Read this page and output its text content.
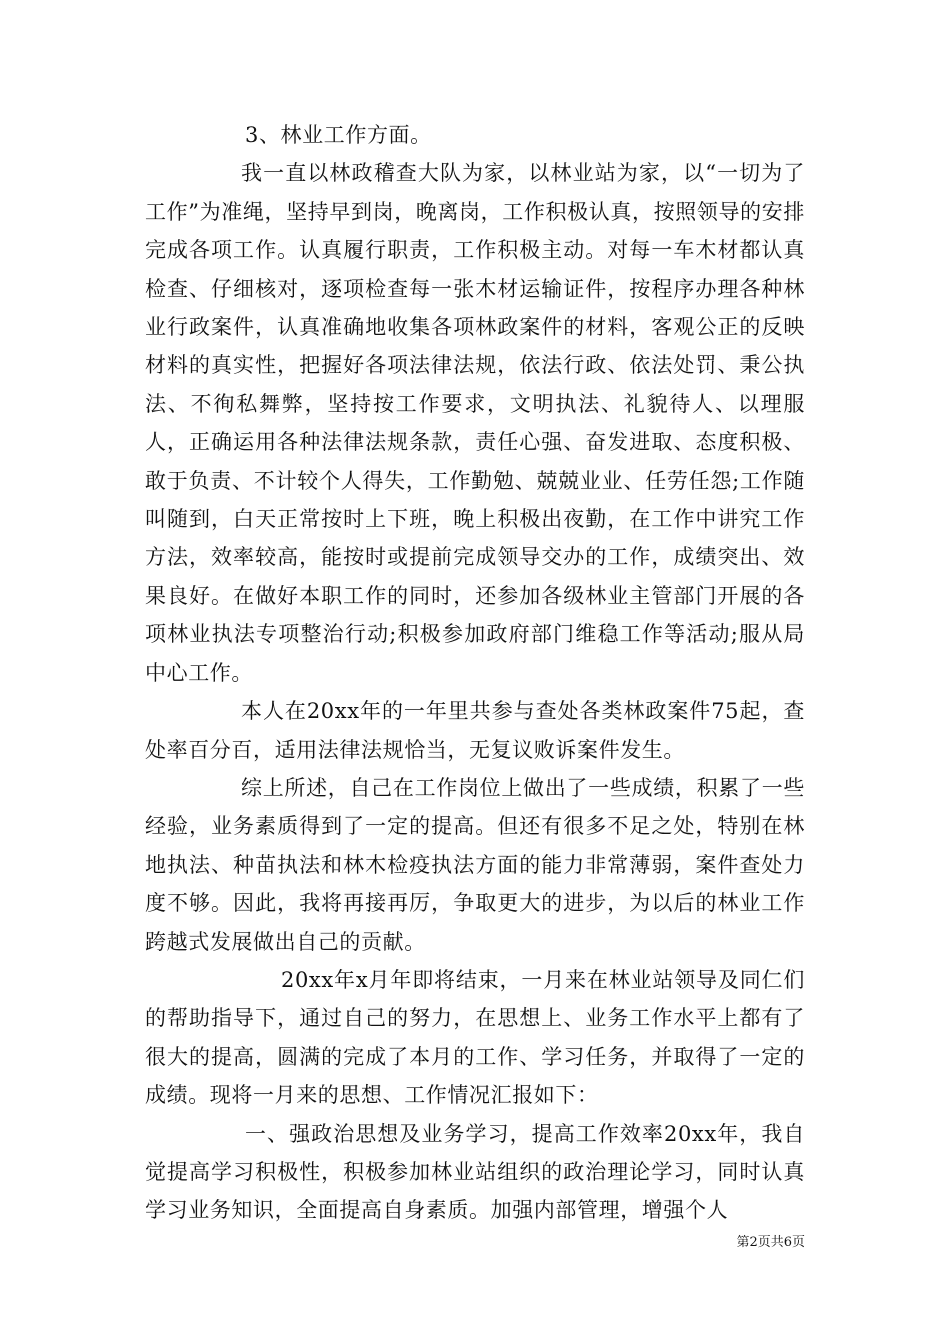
3、林业工作方面。

我一直以林政稽查大队为家，以林业站为家，以“一切为了工作”为准绳，坚持早到岗，晚离岗，工作积极认真，按照领导的安排完成各项工作。认真履行职责，工作积极主动。对每一车木材都认真检查、仔细核对，逐项检查每一张木材运输证件，按程序办理各种林业行政案件，认真准确地收集各项林政案件的材料，客观公正的反映材料的真实性，把握好各项法律法规，依法行政、依法处罚、秉公执法、不徇私舞弊，坚持按工作要求，文明执法、礼貌待人、以理服人，正确运用各种法律法规条款，责任心强、奋发进取、态度积极、敢于负责、不计较个人得失，工作勤勉、兢兢业业、任劳任怨;工作随叫随到，白天正常按时上下班，晚上积极出夜勤，在工作中讲究工作方法，效率较高，能按时或提前完成领导交办的工作，成绩突出、效果良好。在做好本职工作的同时，还参加各级林业主管部门开展的各项林业执法专项整治行动;积极参加政府部门维稳工作等活动;服从局中心工作。

本人在20xx年的一年里共参与查处各类林政案件75起，查处率百分百，适用法律法规恰当，无复议败诉案件发生。

综上所述，自己在工作岗位上做出了一些成绩，积累了一些经验，业务素质得到了一定的提高。但还有很多不足之处，特别在林地执法、种苗执法和林木检疫执法方面的能力非常薄弱，案件查处力度不够。因此，我将再接再厉，争取更大的进步，为以后的林业工作跨越式发展做出自己的贡献。

20xx年x月年即将结束，一月来在林业站领导及同仁们的帮助指导下，通过自己的努力，在思想上、业务工作水平上都有了很大的提高，圆满的完成了本月的工作、学习任务，并取得了一定的成绩。现将一月来的思想、工作情况汇报如下：

一、强政治思想及业务学习，提高工作效率20xx年，我自觉提高学习积极性，积极参加林业站组织的政治理论学习，同时认真学习业务知识，全面提高自身素质。加强内部管理，增强个人

第2页共6页
